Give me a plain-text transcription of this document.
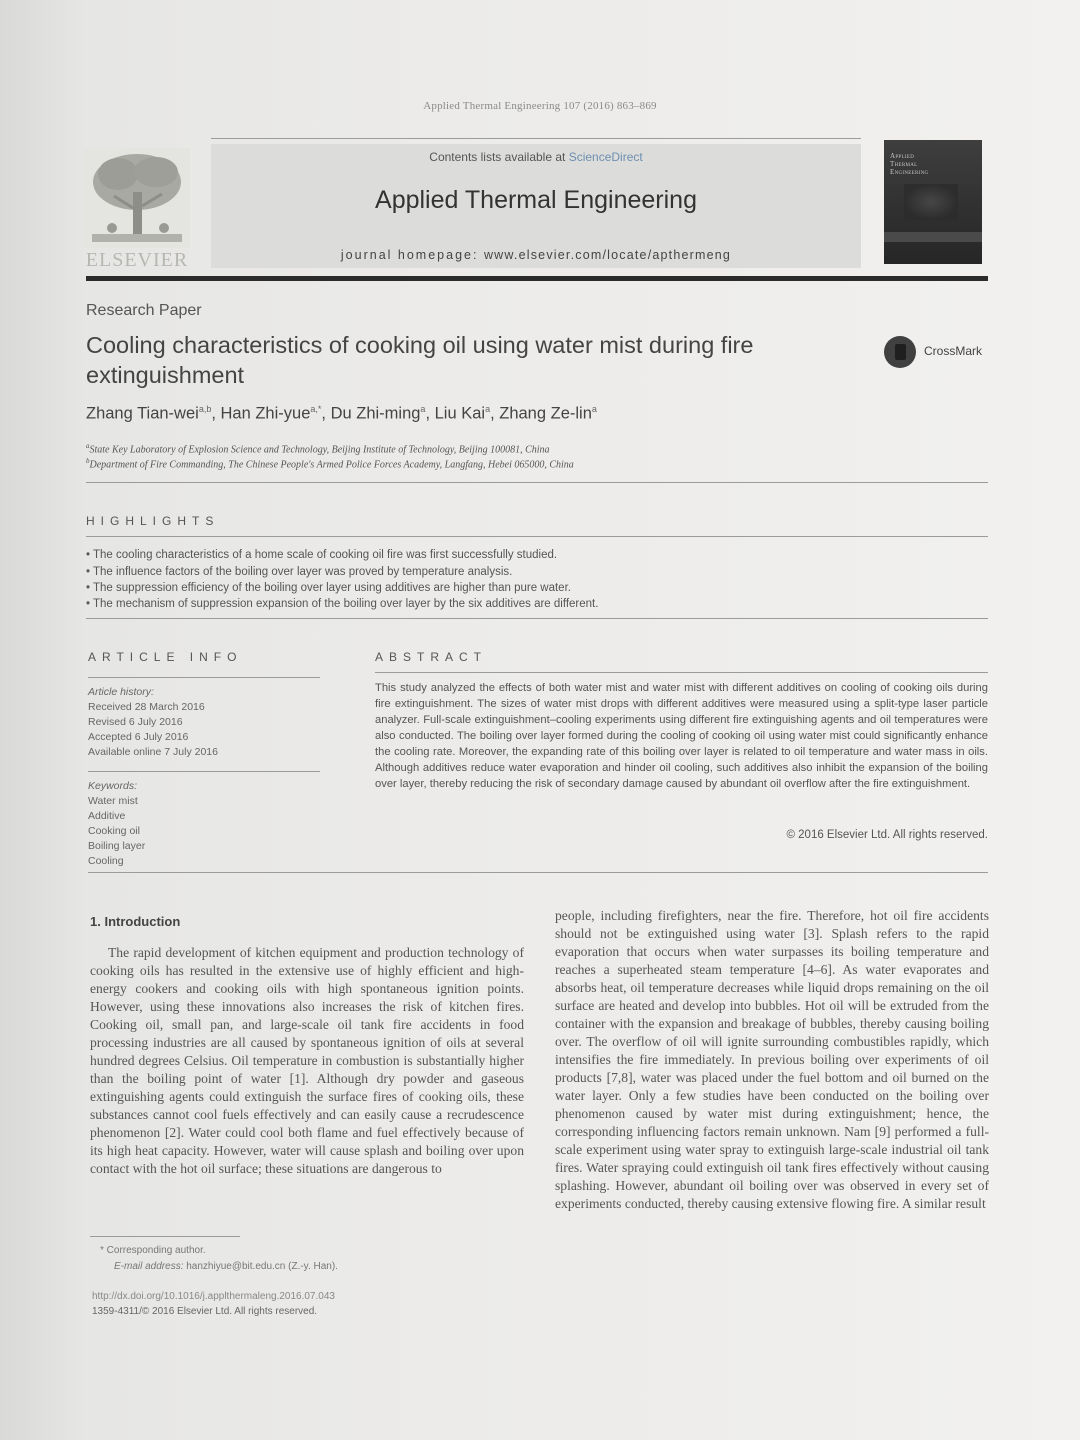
Applied Thermal Engineering 107 (2016) 863–869
ELSEVIER
Contents lists available at ScienceDirect
Applied Thermal Engineering
journal homepage: www.elsevier.com/locate/apthermeng
Applied
Thermal
Engineering
Research Paper
Cooling characteristics of cooking oil using water mist during fire extinguishment
CrossMark
Zhang Tian-wei$^{a,b}$, Han Zhi-yue$^{a,*}$, Du Zhi-ming$^a$, Liu Kai$^a$, Zhang Ze-lin$^a$
$^a$State Key Laboratory of Explosion Science and Technology, Beijing Institute of Technology, Beijing 100081, China
$^b$Department of Fire Commanding, The Chinese People's Armed Police Forces Academy, Langfang, Hebei 065000, China
HIGHLIGHTS
• The cooling characteristics of a home scale of cooking oil fire was first successfully studied.
• The influence factors of the boiling over layer was proved by temperature analysis.
• The suppression efficiency of the boiling over layer using additives are higher than pure water.
• The mechanism of suppression expansion of the boiling over layer by the six additives are different.
ARTICLE INFO
Article history:
Received 28 March 2016
Revised 6 July 2016
Accepted 6 July 2016
Available online 7 July 2016
Keywords:
Water mist
Additive
Cooking oil
Boiling layer
Cooling
ABSTRACT
This study analyzed the effects of both water mist and water mist with different additives on cooling of cooking oils during fire extinguishment. The sizes of water mist drops with different additives were measured using a split-type laser particle analyzer. Full-scale extinguishment–cooling experiments using different fire extinguishing agents and oil temperatures were also conducted. The boiling over layer formed during the cooling of cooking oil using water mist could significantly enhance the cooling rate. Moreover, the expanding rate of this boiling over layer is related to oil temperature and water mass in oils. Although additives reduce water evaporation and hinder oil cooling, such additives also inhibit the expansion of the boiling over layer, thereby reducing the risk of secondary damage caused by abundant oil overflow after the fire extinguishment.
© 2016 Elsevier Ltd. All rights reserved.
1. Introduction
The rapid development of kitchen equipment and production technology of cooking oils has resulted in the extensive use of highly efficient and high-energy cookers and cooking oils with high spontaneous ignition points. However, using these innovations also increases the risk of kitchen fires. Cooking oil, small pan, and large-scale oil tank fire accidents in food processing industries are all caused by spontaneous ignition of oils at several hundred degrees Celsius. Oil temperature in combustion is substantially higher than the boiling point of water [1]. Although dry powder and gaseous extinguishing agents could extinguish the surface fires of cooking oils, these substances cannot cool fuels effectively and can easily cause a recrudescence phenomenon [2]. Water could cool both flame and fuel effectively because of its high heat capacity. However, water will cause splash and boiling over upon contact with the hot oil surface; these situations are dangerous to
people, including firefighters, near the fire. Therefore, hot oil fire accidents should not be extinguished using water [3]. Splash refers to the rapid evaporation that occurs when water surpasses its boiling temperature and reaches a superheated steam temperature [4–6]. As water evaporates and absorbs heat, oil temperature decreases while liquid drops remaining on the oil surface are heated and develop into bubbles. Hot oil will be extruded from the container with the expansion and breakage of bubbles, thereby causing boiling over. The overflow of oil will ignite surrounding combustibles rapidly, which intensifies the fire immediately. In previous boiling over experiments of oil products [7,8], water was placed under the fuel bottom and oil burned on the water layer. Only a few studies have been conducted on the boiling over phenomenon caused by water mist during extinguishment; hence, the corresponding influencing factors remain unknown. Nam [9] performed a full-scale experiment using water spray to extinguish large-scale industrial oil tank fires. Water spraying could extinguish oil tank fires effectively without causing splashing. However, abundant oil boiling over was observed in every set of experiments conducted, thereby causing extensive flowing fire. A similar result
* Corresponding author.
E-mail address: hanzhiyue@bit.edu.cn (Z.-y. Han).
http://dx.doi.org/10.1016/j.applthermaleng.2016.07.043
1359-4311/© 2016 Elsevier Ltd. All rights reserved.
